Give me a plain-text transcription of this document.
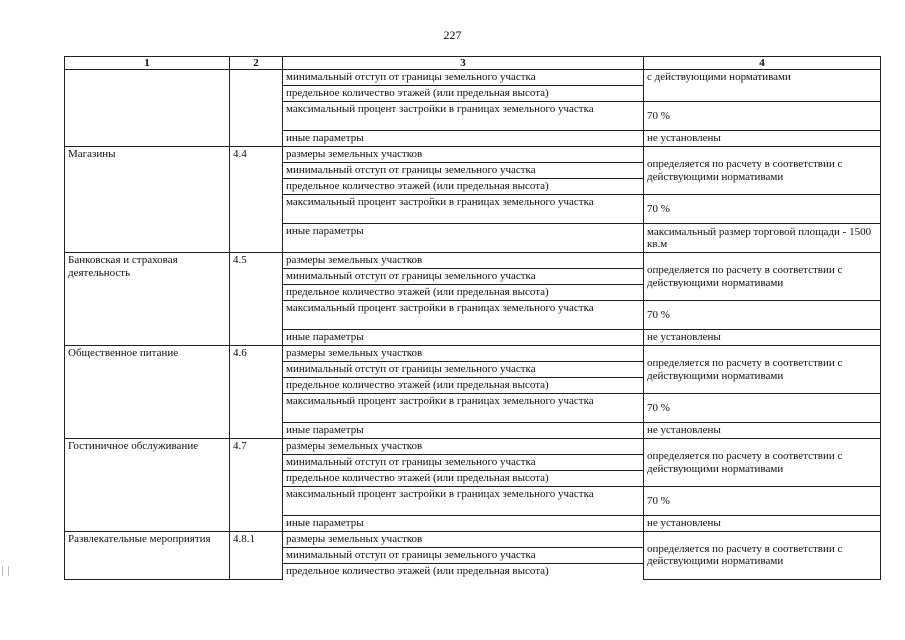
227
1	2	3	4
		минимальный отступ от границы земельного участка	с действующими нормативами
		предельное количество этажей (или предельная высота)	
		максимальный процент застройки в границах земельного участка	70 %
		иные параметры	не установлены
Магазины	4.4	размеры земельных участков	определяется по расчету в соответствии с действующими нормативами
		минимальный отступ от границы земельного участка	
		предельное количество этажей (или предельная высота)	
		максимальный процент застройки в границах земельного участка	70 %
		иные параметры	максимальный размер торговой площади - 1500 кв.м
Банковская и страховая деятельность	4.5	размеры земельных участков	определяется по расчету в соответствии с действующими нормативами
		минимальный отступ от границы земельного участка	
		предельное количество этажей (или предельная высота)	
		максимальный процент застройки в границах земельного участка	70 %
		иные параметры	не установлены
Общественное питание	4.6	размеры земельных участков	определяется по расчету в соответствии с действующими нормативами
		минимальный отступ от границы земельного участка	
		предельное количество этажей (или предельная высота)	
		максимальный процент застройки в границах земельного участка	70 %
		иные параметры	не установлены
Гостиничное обслуживание	4.7	размеры земельных участков	определяется по расчету в соответствии с действующими нормативами
		минимальный отступ от границы земельного участка	
		предельное количество этажей (или предельная высота)	
		максимальный процент застройки в границах земельного участка	70 %
		иные параметры	не установлены
Развлекательные мероприятия	4.8.1	размеры земельных участков	определяется по расчету в соответствии с действующими нормативами
		минимальный отступ от границы земельного участка	
		предельное количество этажей (или предельная высота)	
